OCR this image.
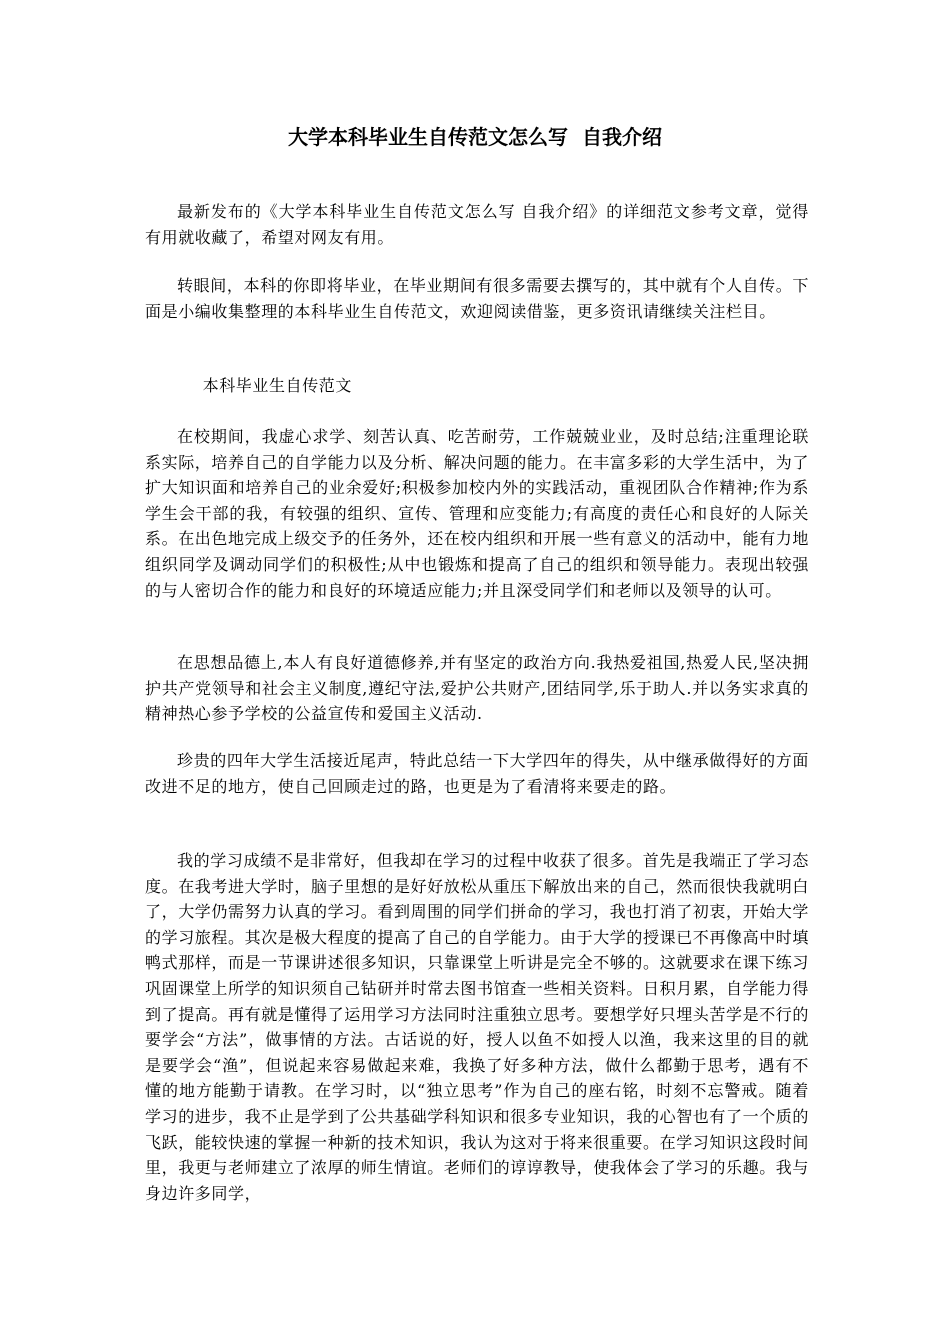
大学本科毕业生自传范文怎么写  自我介绍

最新发布的《大学本科毕业生自传范文怎么写 自我介绍》的详细范文参考文章，觉得有用就收藏了，希望对网友有用。

转眼间，本科的你即将毕业，在毕业期间有很多需要去撰写的，其中就有个人自传。下面是小编收集整理的本科毕业生自传范文，欢迎阅读借鉴，更多资讯请继续关注栏目。

本科毕业生自传范文

在校期间，我虚心求学、刻苦认真、吃苦耐劳，工作兢兢业业，及时总结;注重理论联系实际，培养自己的自学能力以及分析、解决问题的能力。在丰富多彩的大学生活中，为了扩大知识面和培养自己的业余爱好;积极参加校内外的实践活动，重视团队合作精神;作为系学生会干部的我，有较强的组织、宣传、管理和应变能力;有高度的责任心和良好的人际关系。在出色地完成上级交予的任务外，还在校内组织和开展一些有意义的活动中，能有力地组织同学及调动同学们的积极性;从中也锻炼和提高了自己的组织和领导能力。表现出较强的与人密切合作的能力和良好的环境适应能力;并且深受同学们和老师以及领导的认可。

在思想品德上,本人有良好道德修养,并有坚定的政治方向.我热爱祖国,热爱人民,坚决拥护共产党领导和社会主义制度,遵纪守法,爱护公共财产,团结同学,乐于助人.并以务实求真的精神热心参予学校的公益宣传和爱国主义活动.

珍贵的四年大学生活接近尾声，特此总结一下大学四年的得失，从中继承做得好的方面改进不足的地方，使自己回顾走过的路，也更是为了看清将来要走的路。

我的学习成绩不是非常好，但我却在学习的过程中收获了很多。首先是我端正了学习态度。在我考进大学时，脑子里想的是好好放松从重压下解放出来的自己，然而很快我就明白了，大学仍需努力认真的学习。看到周围的同学们拼命的学习，我也打消了初衷，开始大学的学习旅程。其次是极大程度的提高了自己的自学能力。由于大学的授课已不再像高中时填鸭式那样，而是一节课讲述很多知识，只靠课堂上听讲是完全不够的。这就要求在课下练习巩固课堂上所学的知识须自己钻研并时常去图书馆查一些相关资料。日积月累，自学能力得到了提高。再有就是懂得了运用学习方法同时注重独立思考。要想学好只埋头苦学是不行的要学会“方法”，做事情的方法。古话说的好，授人以鱼不如授人以渔，我来这里的目的就是要学会“渔”，但说起来容易做起来难，我换了好多种方法，做什么都勤于思考，遇有不懂的地方能勤于请教。在学习时，以“独立思考”作为自己的座右铭，时刻不忘警戒。随着学习的进步，我不止是学到了公共基础学科知识和很多专业知识，我的心智也有了一个质的飞跃，能较快速的掌握一种新的技术知识，我认为这对于将来很重要。在学习知识这段时间里，我更与老师建立了浓厚的师生情谊。老师们的谆谆教导，使我体会了学习的乐趣。我与身边许多同学，
